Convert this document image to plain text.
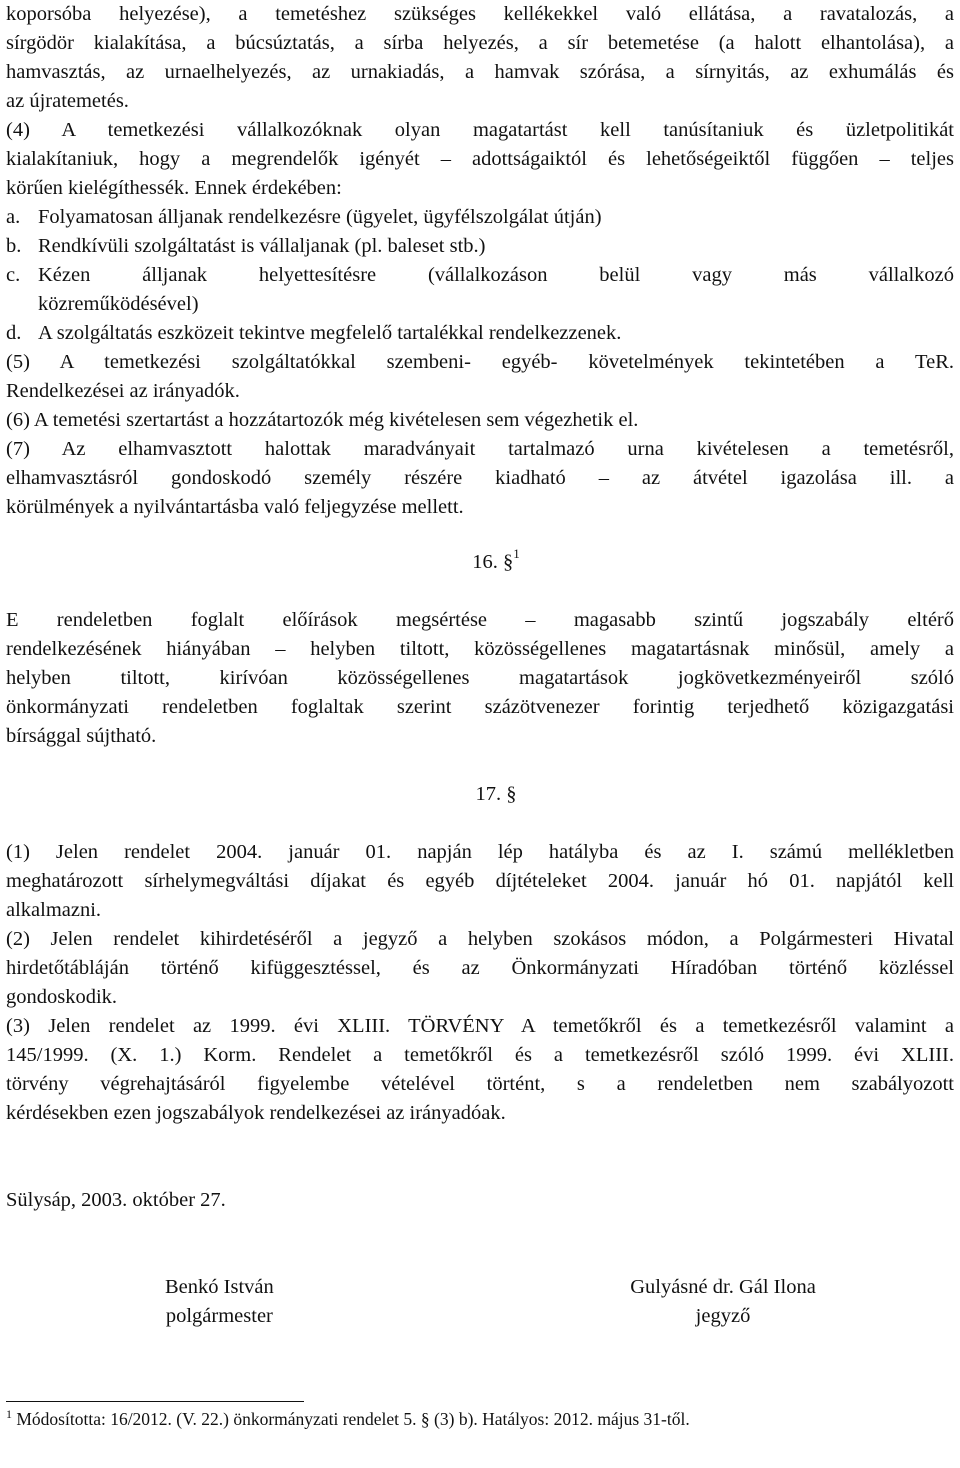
koporsóba helyezése), a temetéshez szükséges kellékekkel való ellátása, a ravatalozás, a

sírgödör kialakítása, a búcsúztatás, a sírba helyezés, a sír betemetése (a halott elhantolása), a

hamvasztás, az urnaelhelyezés, az urnakiadás, a hamvak szórása, a sírnyitás, az exhumálás és

az újratemetés.

(4) A temetkezési vállalkozóknak olyan magatartást kell tanúsítaniuk és üzletpolitikát

kialakítaniuk, hogy a megrendelők igényét – adottságaiktól és lehetőségeiktől függően – teljes

körűen kielégíthessék. Ennek érdekében:

a. Folyamatosan álljanak rendelkezésre (ügyelet, ügyfélszolgálat útján)
b. Rendkívüli szolgáltatást is vállaljanak (pl. baleset stb.)
c. Kézen álljanak helyettesítésre (vállalkozáson belül vagy más vállalkozó
közreműködésével)
d. A szolgáltatás eszközeit tekintve megfelelő tartalékkal rendelkezzenek.

(5) A temetkezési szolgáltatókkal szembeni- egyéb- követelmények tekintetében a TeR.

Rendelkezései az irányadók.

(6) A temetési szertartást a hozzátartozók még kivételesen sem végezhetik el.

(7) Az elhamvasztott halottak maradványait tartalmazó urna kivételesen a temetésről,

elhamvasztásról gondoskodó személy részére kiadható – az átvétel igazolása ill. a

körülmények a nyilvántartásba való feljegyzése mellett.

16. §$^1$

E rendeletben foglalt előírások megsértése – magasabb szintű jogszabály eltérő

rendelkezésének hiányában – helyben tiltott, közösségellenes magatartásnak minősül, amely a

helyben tiltott, kirívóan közösségellenes magatartások jogkövetkezményeiről szóló

önkormányzati rendeletben foglaltak szerint százötvenezer forintig terjedhető közigazgatási

bírsággal sújtható.

17. §

(1) Jelen rendelet 2004. január 01. napján lép hatályba és az I. számú mellékletben

meghatározott sírhelymegváltási díjakat és egyéb díjtételeket 2004. január hó 01. napjától kell

alkalmazni.

(2) Jelen rendelet kihirdetéséről a jegyző a helyben szokásos módon, a Polgármesteri Hivatal

hirdetőtábláján történő kifüggesztéssel, és az Önkormányzati Híradóban történő közléssel

gondoskodik.

(3) Jelen rendelet az 1999. évi XLIII. TÖRVÉNY A temetőkről és a temetkezésről valamint a

145/1999. (X. 1.) Korm. Rendelet a temetőkről és a temetkezésről szóló 1999. évi XLIII.

törvény végrehajtásáról figyelembe vételével történt, s a rendeletben nem szabályozott

kérdésekben ezen jogszabályok rendelkezései az irányadóak.

Sülysáp, 2003. október 27.

Benkó István
polgármester
Gulyásné dr. Gál Ilona
jegyző
$^1$ Módosította: 16/2012. (V. 22.) önkormányzati rendelet 5. § (3) b). Hatályos: 2012. május 31-től.
